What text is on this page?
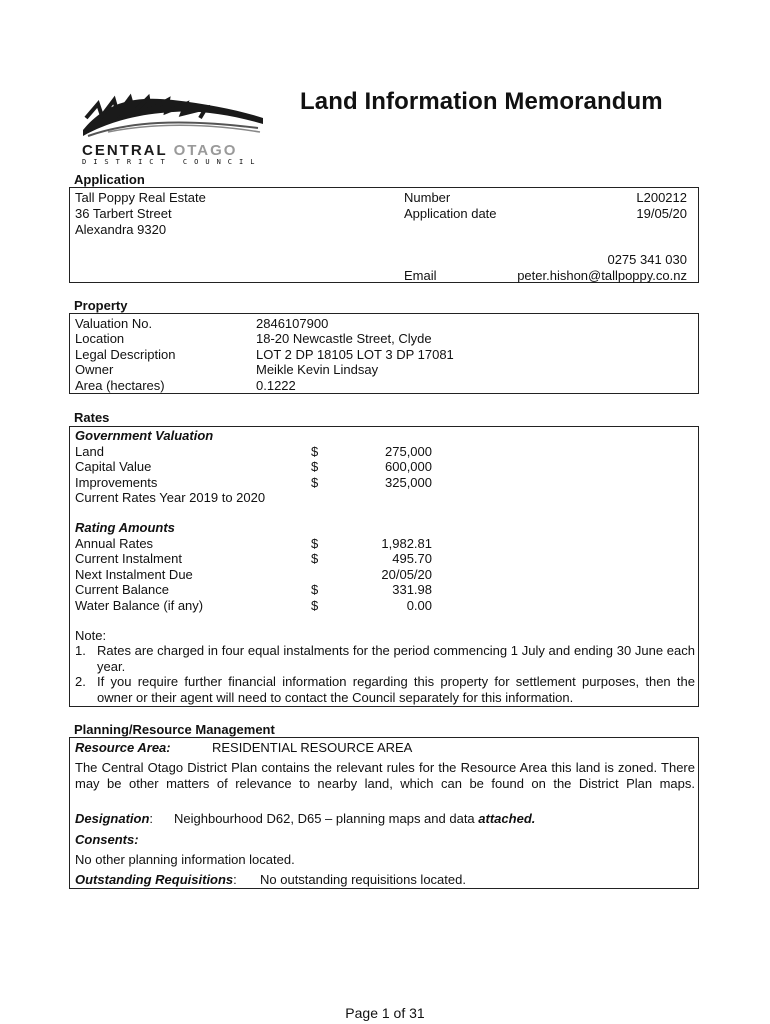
CENTRAL OTAGO
DISTRICT COUNCIL
Land Information Memorandum
Application
Tall Poppy Real Estate
36 Tarbert Street
Alexandra 9320
Number	L200212
Application date	19/05/20
0275 341 030
Email	peter.hishon@tallpoppy.co.nz
Property
Valuation No.	2846107900
Location	18-20 Newcastle Street, Clyde
Legal Description	LOT 2 DP 18105 LOT 3 DP 17081
Owner	Meikle Kevin Lindsay
Area (hectares)	0.1222
Rates
Government Valuation
Land	$	275,000
Capital Value	$	600,000
Improvements	$	325,000
Current Rates Year 2019 to 2020
Rating Amounts
Annual Rates	$	1,982.81
Current Instalment	$	495.70
Next Instalment Due	20/05/20
Current Balance	$	331.98
Water Balance (if any)	$	0.00
Note:
1. Rates are charged in four equal instalments for the period commencing 1 July and ending 30 June each year.
2. If you require further financial information regarding this property for settlement purposes, then the owner or their agent will need to contact the Council separately for this information.
Planning/Resource Management
Resource Area:	RESIDENTIAL RESOURCE AREA
The Central Otago District Plan contains the relevant rules for the Resource Area this land is zoned. There may be other matters of relevance to nearby land, which can be found on the District Plan maps.
Designation: Neighbourhood D62, D65 – planning maps and data attached.
Consents:
No other planning information located.
Outstanding Requisitions: No outstanding requisitions located.
Page 1 of 31
